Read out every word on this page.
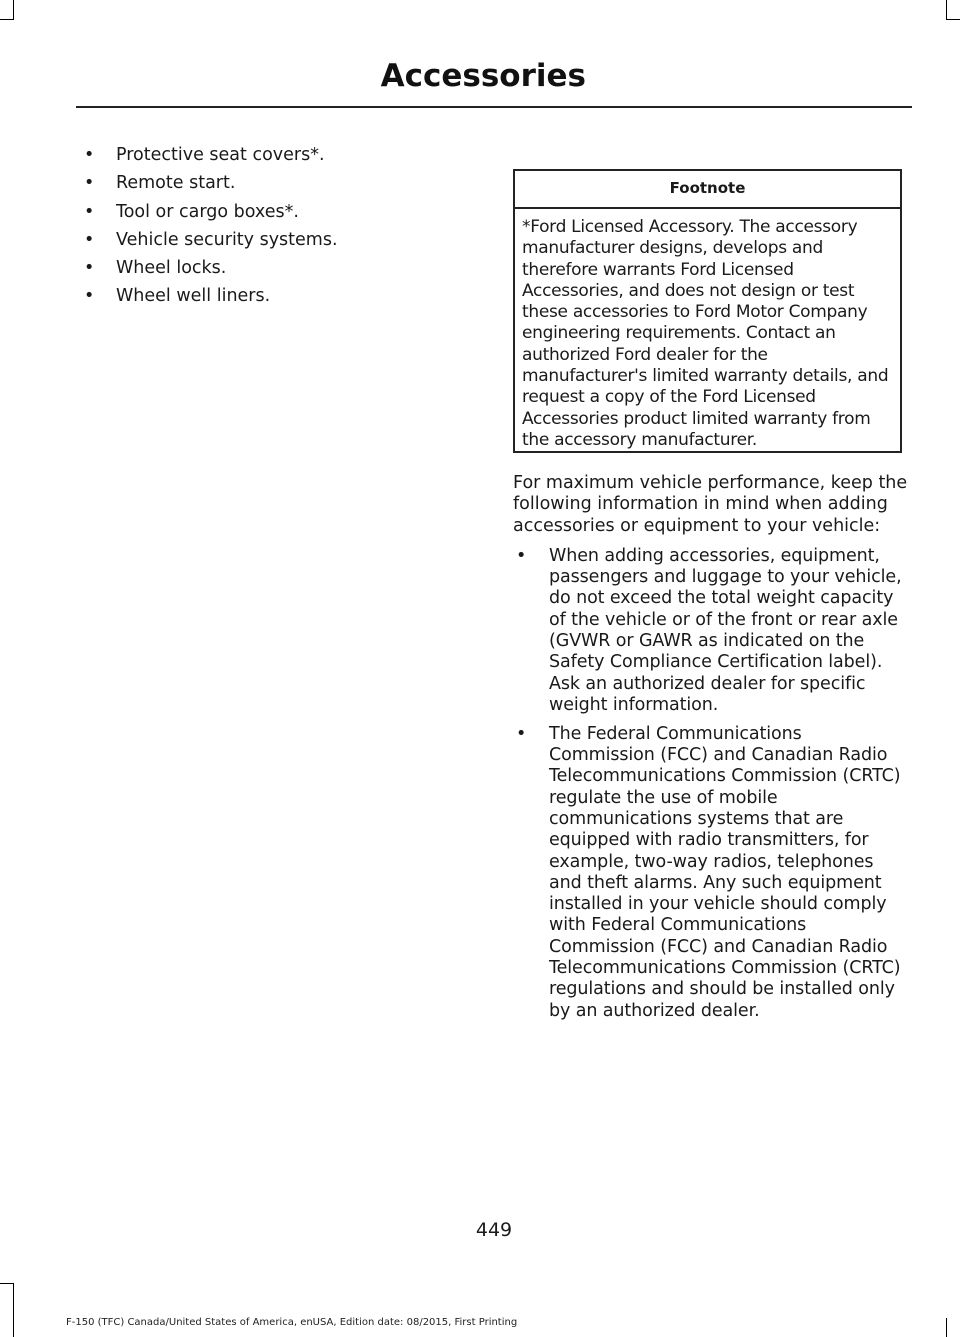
Accessories
• Protective seat covers*.
• Remote start.
• Tool or cargo boxes*.
• Vehicle security systems.
• Wheel locks.
• Wheel well liners.
Footnote
*Ford Licensed Accessory. The accessory manufacturer designs, develops and therefore warrants Ford Licensed Accessories, and does not design or test these accessories to Ford Motor Company engineering requirements. Contact an authorized Ford dealer for the manufacturer's limited warranty details, and request a copy of the Ford Licensed Accessories product limited warranty from the accessory manufacturer.

For maximum vehicle performance, keep the following information in mind when adding accessories or equipment to your vehicle:

• When adding accessories, equipment, passengers and luggage to your vehicle, do not exceed the total weight capacity of the vehicle or of the front or rear axle (GVWR or GAWR as indicated on the Safety Compliance Certification label). Ask an authorized dealer for specific weight information.
• The Federal Communications Commission (FCC) and Canadian Radio Telecommunications Commission (CRTC) regulate the use of mobile communications systems that are equipped with radio transmitters, for example, two-way radios, telephones and theft alarms. Any such equipment installed in your vehicle should comply with Federal Communications Commission (FCC) and Canadian Radio Telecommunications Commission (CRTC) regulations and should be installed only by an authorized dealer.
449
F-150 (TFC) Canada/United States of America, enUSA, Edition date: 08/2015, First Printing
